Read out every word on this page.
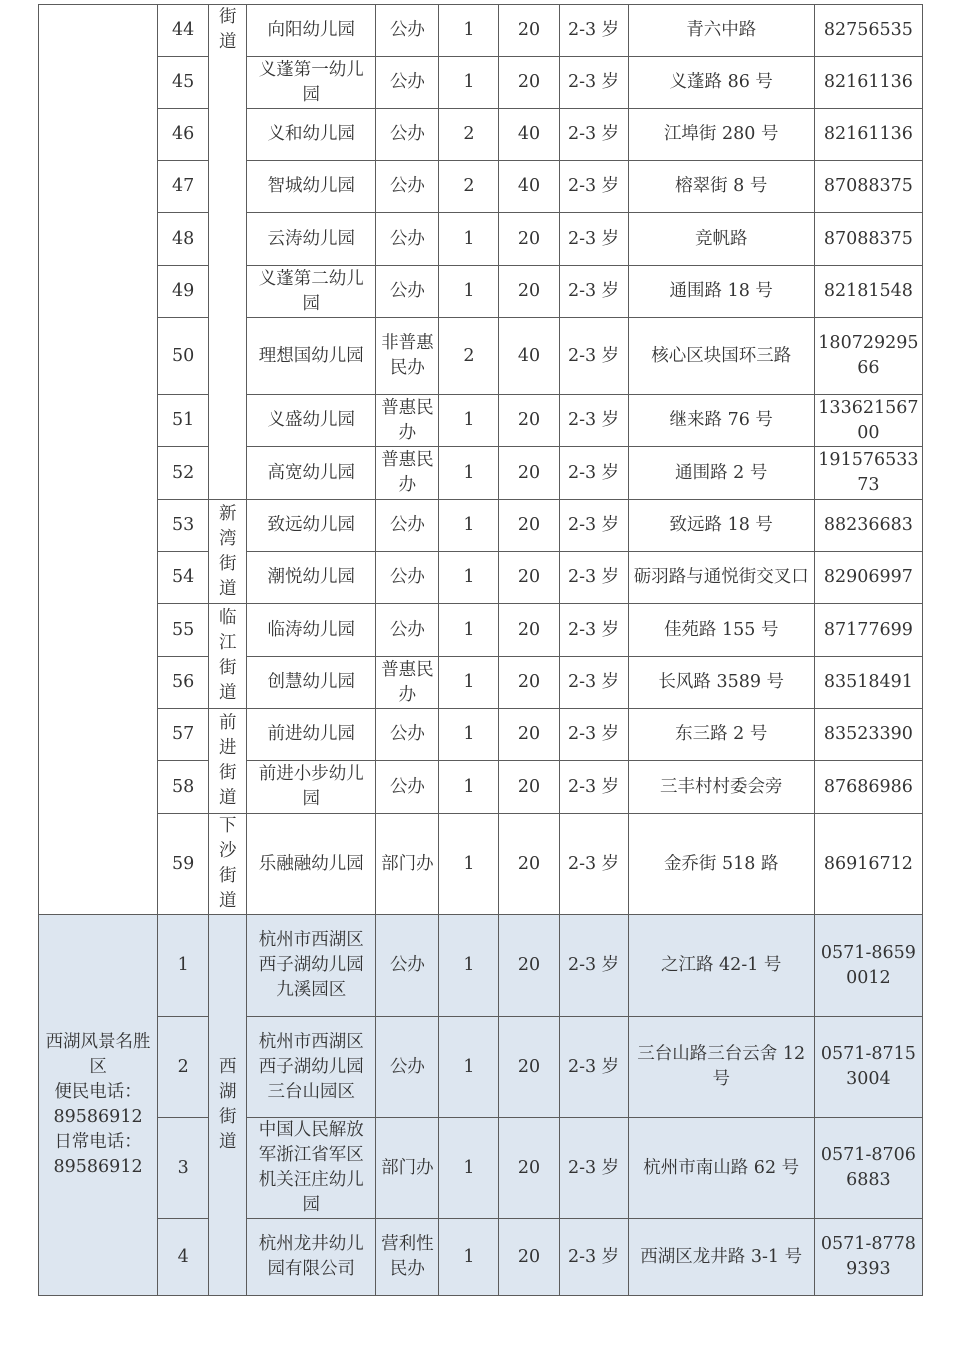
	44	街道	向阳幼儿园	公办	1	20	2-3 岁	青六中路	82756535
	45		义蓬第一幼儿园	公办	1	20	2-3 岁	义蓬路 86 号	82161136
	46		义和幼儿园	公办	2	40	2-3 岁	江埠街 280 号	82161136
	47		智城幼儿园	公办	2	40	2-3 岁	榕翠街 8 号	87088375
	48		云涛幼儿园	公办	1	20	2-3 岁	竞帆路	87088375
	49		义蓬第二幼儿园	公办	1	20	2-3 岁	通围路 18 号	82181548
	50		理想国幼儿园	非普惠民办	2	40	2-3 岁	核心区块国环三路	18072929566
	51		义盛幼儿园	普惠民办	1	20	2-3 岁	继来路 76 号	13362156700
	52		高宽幼儿园	普惠民办	1	20	2-3 岁	通围路 2 号	19157653373
	53	新湾街道	致远幼儿园	公办	1	20	2-3 岁	致远路 18 号	88236683
	54		潮悦幼儿园	公办	1	20	2-3 岁	砺羽路与通悦街交叉口	82906997
	55	临江街道	临涛幼儿园	公办	1	20	2-3 岁	佳苑路 155 号	87177699
	56		创慧幼儿园	普惠民办	1	20	2-3 岁	长风路 3589 号	83518491
	57	前进街道	前进幼儿园	公办	1	20	2-3 岁	东三路 2 号	83523390
	58		前进小步幼儿园	公办	1	20	2-3 岁	三丰村村委会旁	87686986
	59	下沙街道	乐融融幼儿园	部门办	1	20	2-3 岁	金乔街 518 路	86916712

西湖风景名胜区
便民电话：
89586912
日常电话：
89586912	1	西湖街道	杭州市西湖区西子湖幼儿园九溪园区	公办	1	20	2-3 岁	之江路 42-1 号	0571-86590012
	2		杭州市西湖区西子湖幼儿园三台山园区	公办	1	20	2-3 岁	三台山路三台云舍 12 号	0571-87153004
	3		中国人民解放军浙江省军区机关汪庄幼儿园	部门办	1	20	2-3 岁	杭州市南山路 62 号	0571-87066883
	4		杭州龙井幼儿园有限公司	营利性民办	1	20	2-3 岁	西湖区龙井路 3-1 号	0571-87789393
